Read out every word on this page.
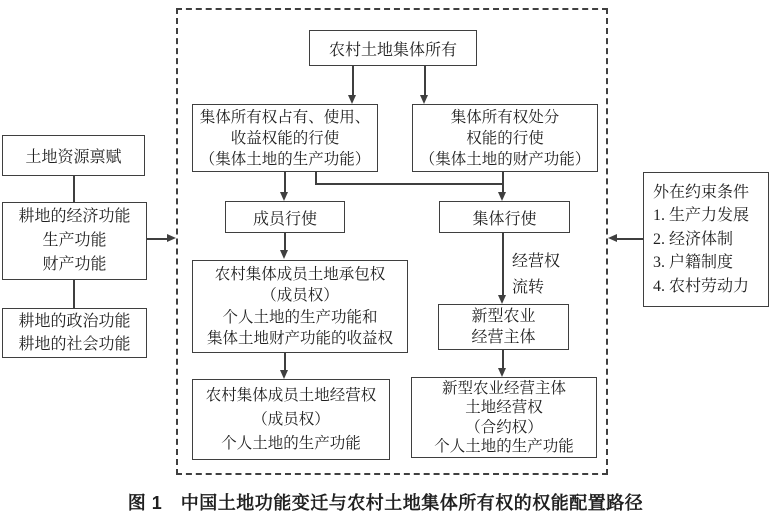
农村土地集体所有
集体所有权占有、使用、
收益权能的行使
（集体土地的生产功能）
集体所有权处分
权能的行使
（集体土地的财产功能）
成员行使	集体行使
农村集体成员土地承包权
（成员权）
个人土地的生产功能和
集体土地财产功能的收益权
新型农业
经营主体
农村集体成员土地经营权
（成员权）
个人土地的生产功能
新型农业经营主体
土地经营权
（合约权）
个人土地的生产功能
土地资源禀赋
耕地的经济功能
生产功能
财产功能
耕地的政治功能
耕地的社会功能
外在约束条件
1. 生产力发展
2. 经济体制
3. 户籍制度
4. 农村劳动力
经营权
流转
图 1　中国土地功能变迁与农村土地集体所有权的权能配置路径
